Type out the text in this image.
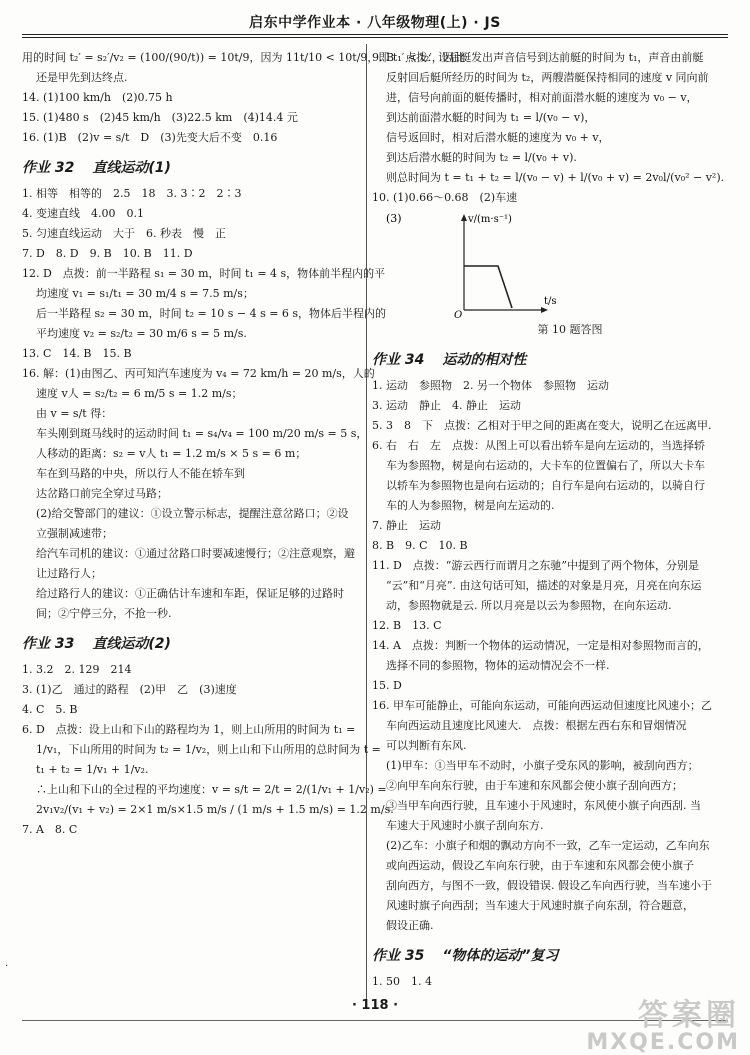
启东中学作业本 · 八年级物理(上) · JS
用的时间 t₂′ = s₂′/v₂ = (100/(90/t)) = 10t/9，因为 11t/10 < 10t/9，即 t₁′ < t₂′，因此
还是甲先到达终点.
14. (1)100 km/h　(2)0.75 h
15. (1)480 s　(2)45 km/h　(3)22.5 km　(4)14.4 元
16. (1)B　(2)v = s/t　D　(3)先变大后不变　0.16
作业 32 直线运动(1)
1. 相等　相等的　2.5　18　3. 3∶2　2∶3
4. 变速直线　4.00　0.1
5. 匀速直线运动　大于　6. 秒表　慢　正
7. D　8. D　9. B　10. B　11. D
12. D　点拨：前一半路程 s₁ = 30 m，时间 t₁ = 4 s，物体前半程内的平
均速度 v₁ = s₁/t₁ = 30 m/4 s = 7.5 m/s；
后一半路程 s₂ = 30 m，时间 t₂ = 10 s − 4 s = 6 s，物体后半程内的
平均速度 v₂ = s₂/t₂ = 30 m/6 s = 5 m/s.
13. C　14. B　15. B
16. 解：(1)由图乙、丙可知汽车速度为 v₄ = 72 km/h = 20 m/s，人的
速度 v人 = s₂/t₂ = 6 m/5 s = 1.2 m/s；
由 v = s/t 得：
车头刚到斑马线时的运动时间 t₁ = s₄/v₄ = 100 m/20 m/s = 5 s，
人移动的距离：s₂ = v人 t₁ = 1.2 m/s × 5 s = 6 m；
车在到马路的中央，所以行人不能在轿车到
达岔路口前完全穿过马路；
(2)给交警部门的建议：①设立警示标志，提醒注意岔路口；②设
立强制减速带；
给汽车司机的建议：①通过岔路口时要减速慢行；②注意观察，避
让过路行人；
给过路行人的建议：①正确估计车速和车距，保证足够的过路时
间；②宁停三分，不抢一秒.
作业 33 直线运动(2)
1. 3.2　2. 129　214
3. (1)乙　通过的路程　(2)甲　乙　(3)速度
4. C　5. B
6. D　点拨：设上山和下山的路程均为 1，则上山所用的时间为 t₁ =
1/v₁，下山所用的时间为 t₂ = 1/v₂，则上山和下山所用的总时间为 t =
t₁ + t₂ = 1/v₁ + 1/v₂.
∴上山和下山的全过程的平均速度：v = s/t = 2/t = 2/(1/v₁ + 1/v₂) =
2v₁v₂/(v₁ + v₂) = 2×1 m/s×1.5 m/s / (1 m/s + 1.5 m/s) = 1.2 m/s.
7. A　8. C
9. B　点拨：设后艇发出声音信号到达前艇的时间为 t₁，声音由前艇
反射回后艇所经历的时间为 t₂，两艘潜艇保持相同的速度 v 同向前
进，信号向前面的艇传播时，相对前面潜水艇的速度为 v₀ − v，
到达前面潜水艇的时间为 t₁ = l/(v₀ − v)，
信号返回时，相对后潜水艇的速度为 v₀ + v，
到达后潜水艇的时间为 t₂ = l/(v₀ + v).
则总时间为 t = t₁ + t₂ = l/(v₀ − v) + l/(v₀ + v) = 2v₀l/(v₀² − v²).
10. (1)0.66～0.68　(2)车速
(3)	v/(m·s⁻¹)
t/s
O
第 10 题答图
作业 34 运动的相对性
1. 运动　参照物　2. 另一个物体　参照物　运动
3. 运动　静止　4. 静止　运动
5. 3　8　下　点拨：乙相对于甲之间的距离在变大，说明乙在远离甲.
6. 右　右　左　点拨：从图上可以看出轿车是向左运动的，当选择轿
车为参照物，树是向右运动的，大卡车的位置偏右了，所以大卡车
以轿车为参照物也是向右运动的；自行车是向右运动的，以骑自行
车的人为参照物，树是向左运动的.
7. 静止　运动
8. B　9. C　10. B
11. D　点拨：“游云西行而谓月之东驰”中提到了两个物体，分别是
“云”和“月亮”. 由这句话可知，描述的对象是月亮，月亮在向东运
动，参照物就是云. 所以月亮是以云为参照物，在向东运动.
12. B　13. C
14. A　点拨：判断一个物体的运动情况，一定是相对参照物而言的，
选择不同的参照物，物体的运动情况会不一样.
15. D
16. 甲车可能静止，可能向东运动，可能向西运动但速度比风速小；乙
车向西运动且速度比风速大.　点拨：根据左西右东和冒烟情况
可以判断有东风.
(1)甲车：①当甲车不动时，小旗子受东风的影响，被刮向西方；
②向甲车向东行驶，由于车速和东风都会使小旗子刮向西方；
③当甲车向西行驶，且车速小于风速时，东风使小旗子向西刮. 当
车速大于风速时小旗子刮向东方.
(2)乙车：小旗子和烟的飘动方向不一致，乙车一定运动，乙车向东
或向西运动，假设乙车向东行驶，由于车速和东风都会使小旗子
刮向西方，与图不一致，假设错误. 假设乙车向西行驶，当车速小于
风速时旗子向西刮；当车速大于风速时旗子向东刮，符合题意，
假设正确.
作业 35 “物体的运动”复习
1. 50　1. 4
· 118 ·
.
答案圈
MXQE.COM
